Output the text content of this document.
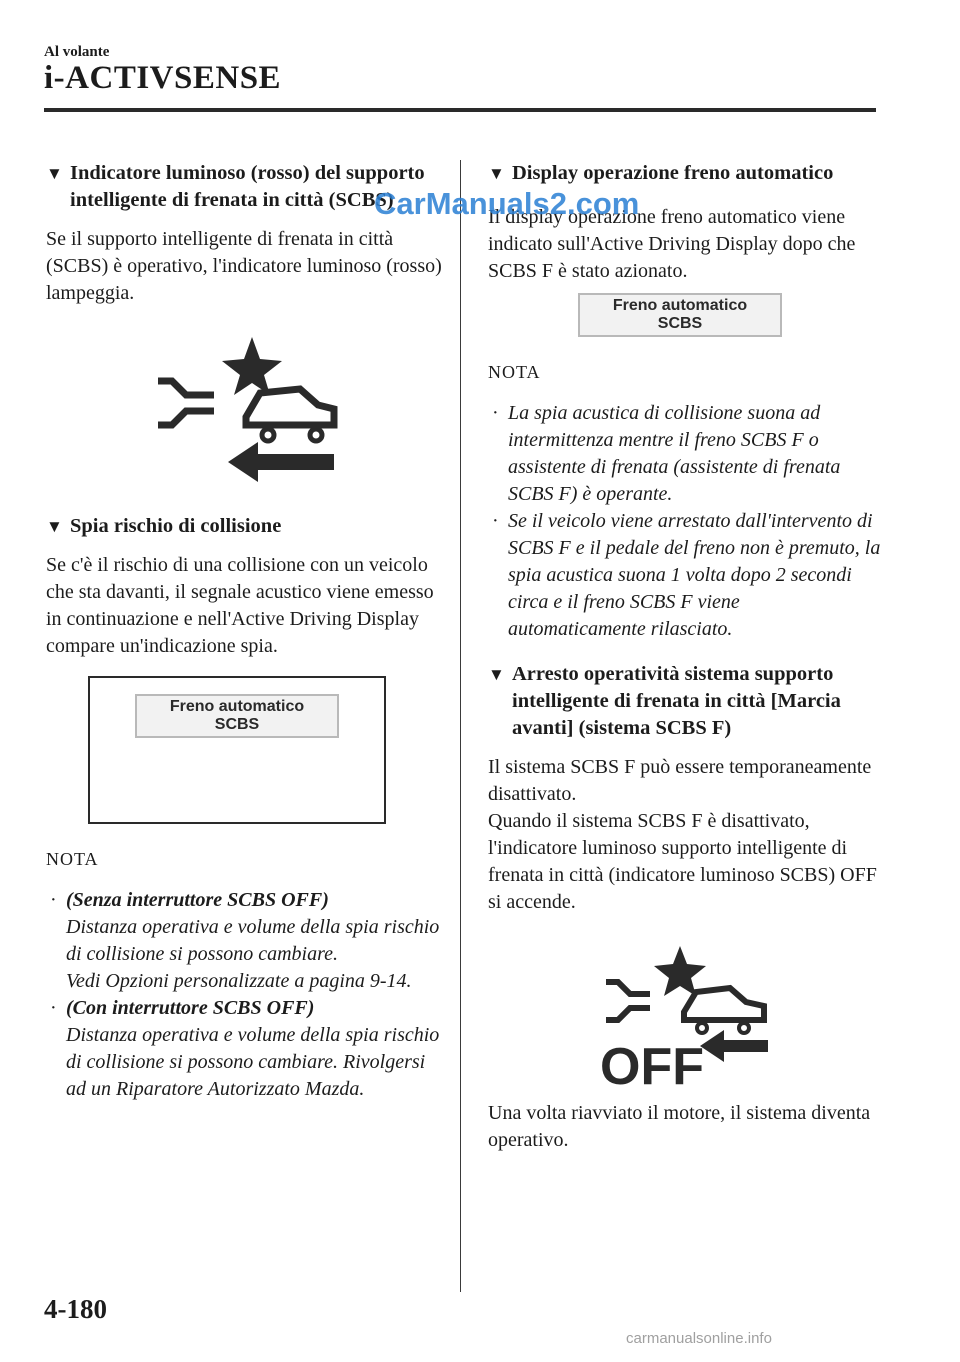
Al volante
i-ACTIVSENSE
▼ Indicatore luminoso (rosso) del supporto intelligente di frenata in città (SCBS)

Se il supporto intelligente di frenata in città (SCBS) è operativo, l'indicatore luminoso (rosso) lampeggia.

▼ Spia rischio di collisione

Se c'è il rischio di una collisione con un veicolo che sta davanti, il segnale acustico viene emesso in continuazione e nell'Active Driving Display compare un'indicazione spia.

Freno automatico
SCBS

NOTA

· (Senza interruttore SCBS OFF)
Distanza operativa e volume della spia rischio di collisione si possono cambiare.
Vedi Opzioni personalizzate a pagina 9-14.
· (Con interruttore SCBS OFF)
Distanza operativa e volume della spia rischio di collisione si possono cambiare. Rivolgersi ad un Riparatore Autorizzato Mazda.
▼ Display operazione freno automatico

Il display operazione freno automatico viene indicato sull'Active Driving Display dopo che SCBS F è stato azionato.

Freno automatico
SCBS

NOTA

· La spia acustica di collisione suona ad intermittenza mentre il freno SCBS F o assistente di frenata (assistente di frenata SCBS F) è operante.
· Se il veicolo viene arrestato dall'intervento di SCBS F e il pedale del freno non è premuto, la spia acustica suona 1 volta dopo 2 secondi circa e il freno SCBS F viene automaticamente rilasciato.
▼ Arresto operatività sistema supporto intelligente di frenata in città [Marcia avanti] (sistema SCBS F)

Il sistema SCBS F può essere temporaneamente disattivato.

Quando il sistema SCBS F è disattivato, l'indicatore luminoso supporto intelligente di frenata in città (indicatore luminoso SCBS) OFF si accende.

OFF

Una volta riavviato il motore, il sistema diventa operativo.

CarManuals2.com
4-180
carmanualsonline.info
